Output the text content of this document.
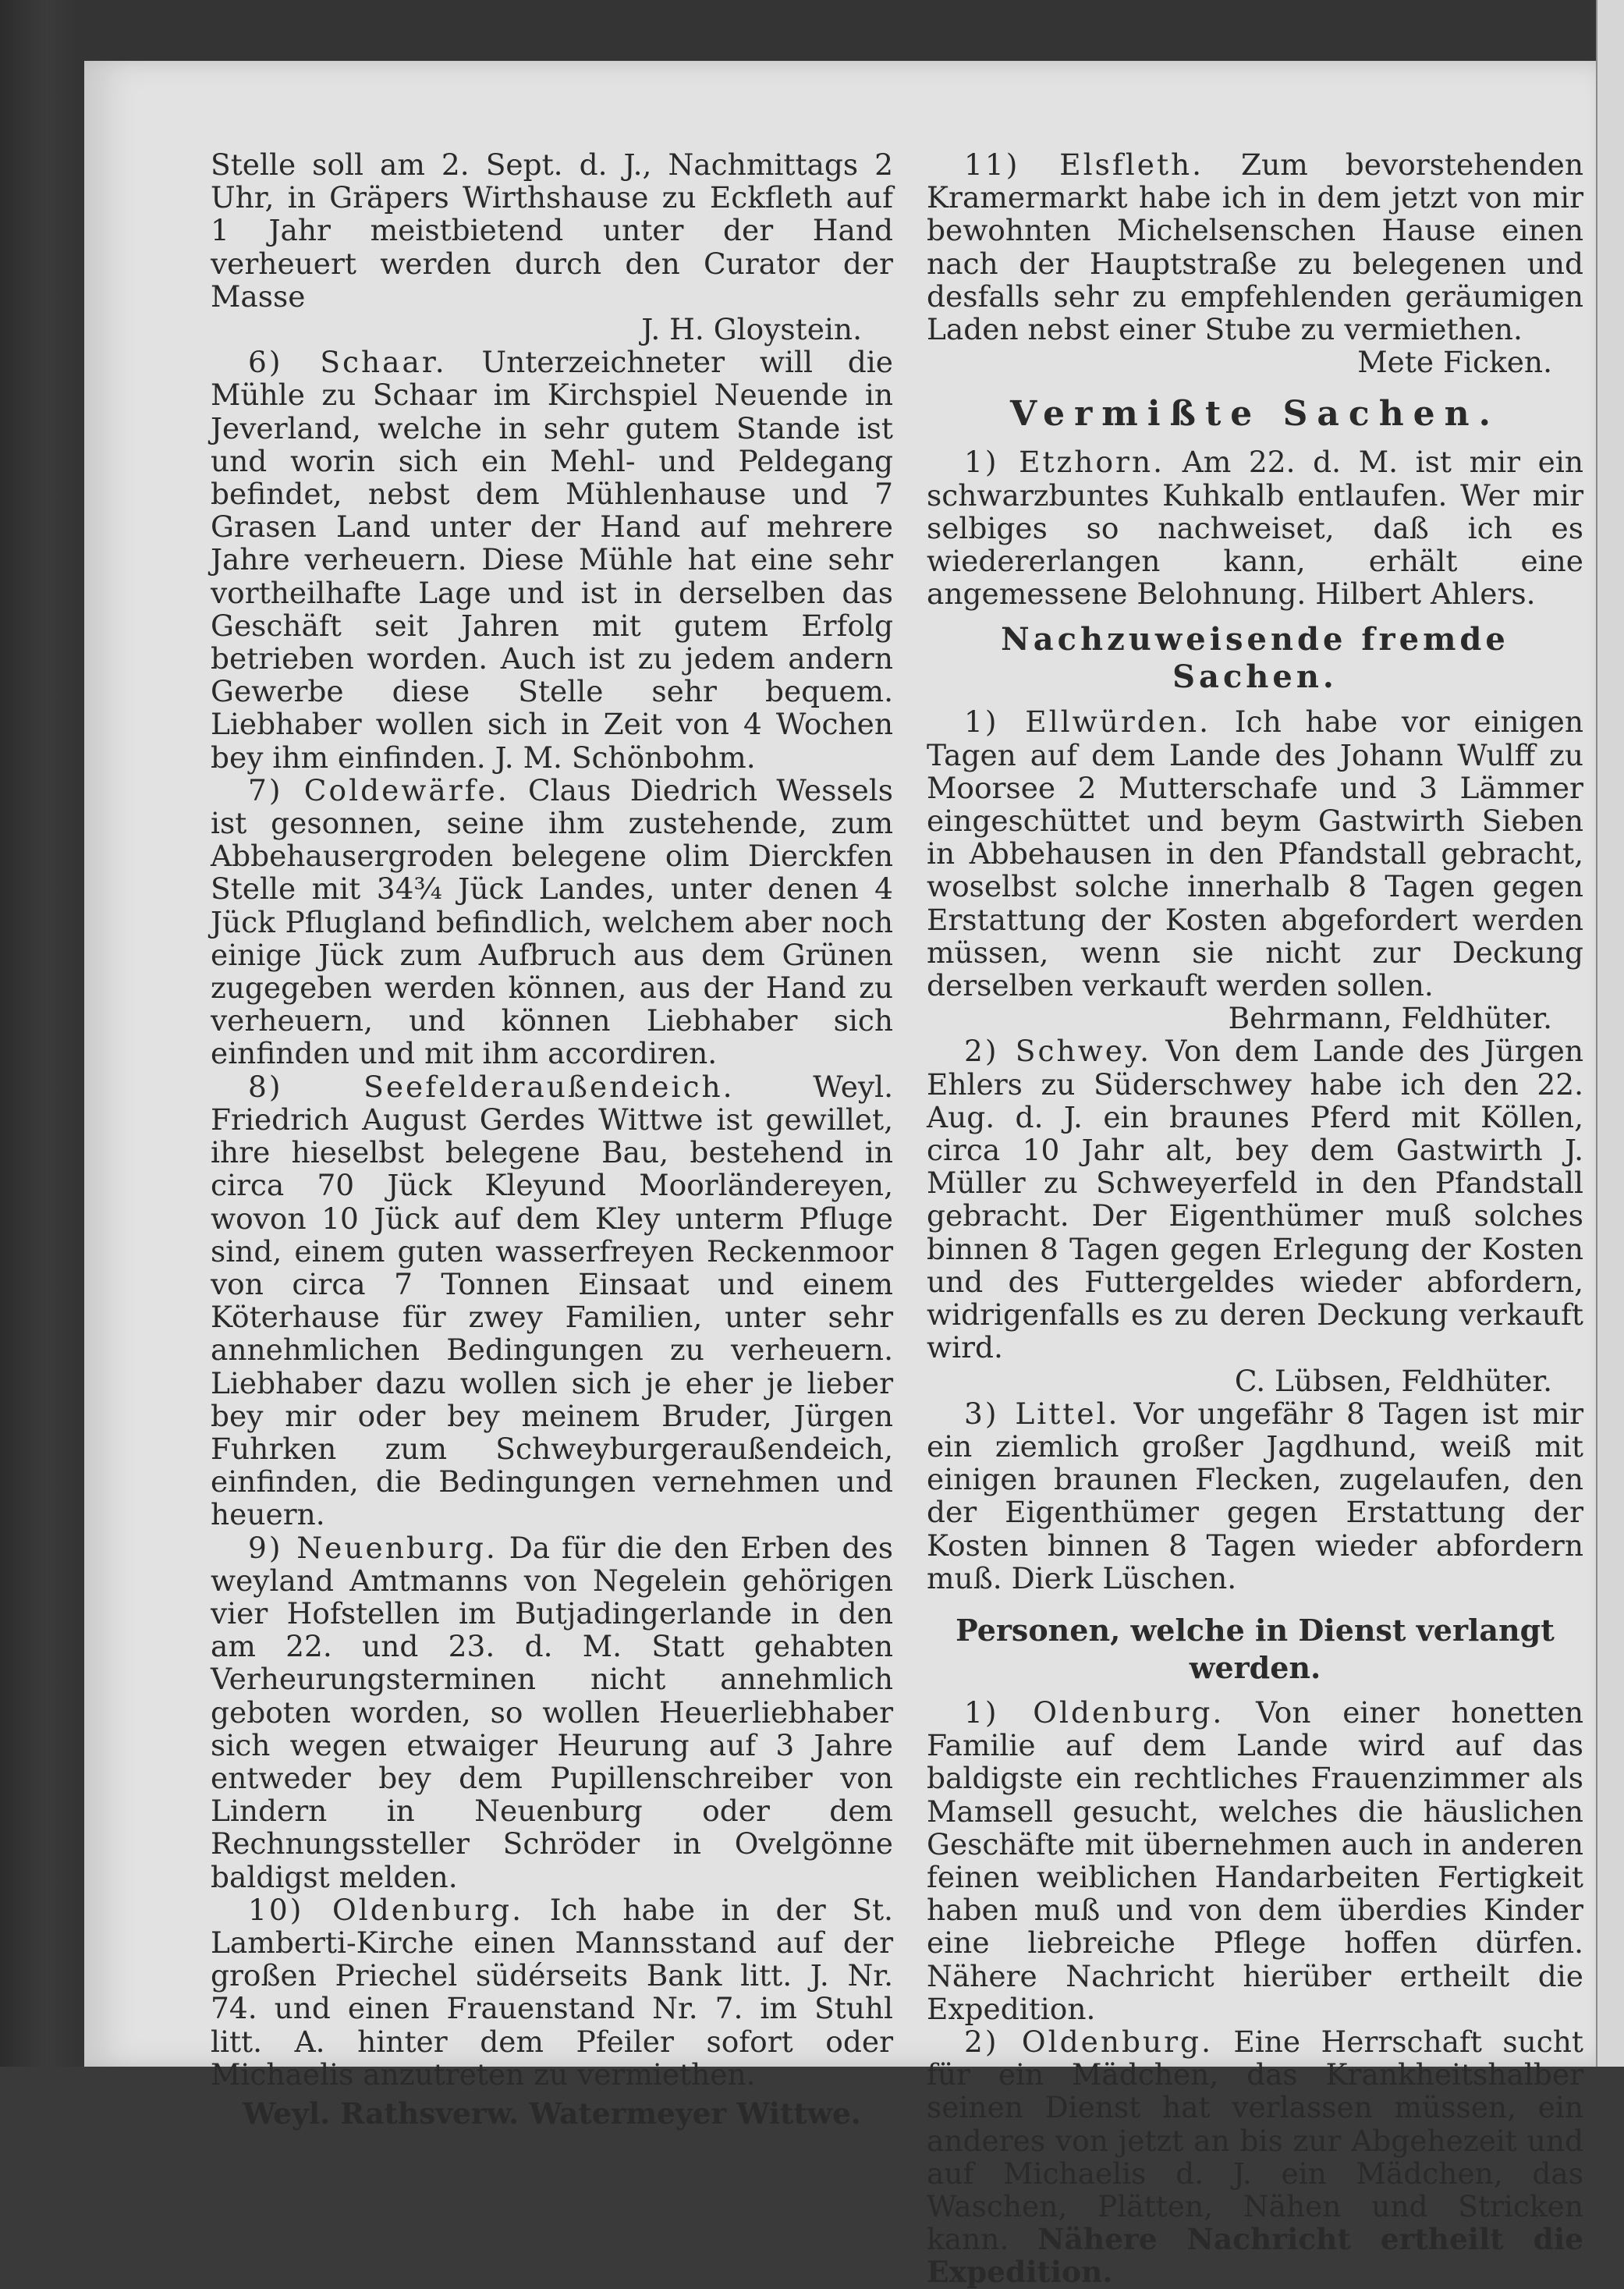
Stelle soll am 2. Sept. d. J., Nachmittags 2 Uhr, in Gräpers Wirthshause zu Eckfleth auf 1 Jahr meistbietend unter der Hand verheuert werden durch den Curator der Masse

J. H. Gloystein.

6) Schaar. Unterzeichneter will die Mühle zu Schaar im Kirchspiel Neuende in Jeverland, welche in sehr gutem Stande ist und worin sich ein Mehl- und Peldegang befindet, nebst dem Mühlenhause und 7 Grasen Land unter der Hand auf mehrere Jahre verheuern. Diese Mühle hat eine sehr vortheilhafte Lage und ist in derselben das Geschäft seit Jahren mit gutem Erfolg betrieben worden. Auch ist zu jedem andern Gewerbe diese Stelle sehr bequem. Liebhaber wollen sich in Zeit von 4 Wochen bey ihm einfinden. J. M. Schönbohm.

7) Coldewärfe. Claus Diedrich Wessels ist gesonnen, seine ihm zustehende, zum Abbehausergroden belegene olim Dierckfen Stelle mit 34¾ Jück Landes, unter denen 4 Jück Pflugland befindlich, welchem aber noch einige Jück zum Aufbruch aus dem Grünen zugegeben werden können, aus der Hand zu verheuern, und können Liebhaber sich einfinden und mit ihm accordiren.

8) Seefelderaußendeich.	Weyl. Friedrich August Gerdes Wittwe ist gewillet, ihre hieselbst belegene Bau, bestehend in circa 70 Jück Kleyund Moorländereyen, wovon 10 Jück auf dem Kley unterm Pfluge sind, einem guten wasserfreyen Reckenmoor von circa 7 Tonnen Einsaat und einem Köterhause für zwey Familien, unter sehr annehmlichen Bedingungen zu verheuern. Liebhaber dazu wollen sich je eher je lieber bey mir oder bey meinem Bruder, Jürgen Fuhrken zum Schweyburgeraußendeich, einfinden, die Bedingungen vernehmen und heuern.

9) Neuenburg. Da für die den Erben des weyland Amtmanns von Negelein gehörigen vier Hofstellen im Butjadingerlande in den am 22. und 23. d. M. Statt gehabten Verheurungsterminen nicht annehmlich geboten worden, so wollen Heuerliebhaber sich wegen etwaiger Heurung auf 3 Jahre entweder bey dem Pupillenschreiber von Lindern in Neuenburg oder dem Rechnungssteller Schröder in Ovelgönne baldigst melden.

10) Oldenburg. Ich habe in der St. Lamberti-Kirche einen Mannsstand auf der großen Priechel südérseits Bank litt. J. Nr. 74. und einen Frauenstand Nr. 7. im Stuhl litt. A. hinter dem Pfeiler sofort oder Michaelis anzutreten zu vermiethen.

Weyl. Rathsverw. Watermeyer Wittwe.

11) Elsfleth. Zum bevorstehenden Kramermarkt habe ich in dem jetzt von mir bewohnten Michelsenschen Hause einen nach der Hauptstraße zu belegenen und desfalls sehr zu empfehlenden geräumigen Laden nebst einer Stube zu vermiethen.

Mete Ficken.

Vermißte Sachen.

1) Etzhorn. Am 22. d. M. ist mir ein schwarzbuntes Kuhkalb entlaufen. Wer mir selbiges so nachweiset, daß ich es wiedererlangen kann, erhält eine angemessene Belohnung. Hilbert Ahlers.

Nachzuweisende fremde Sachen.

1) Ellwürden. Ich habe vor einigen Tagen auf dem Lande des Johann Wulff zu Moorsee 2 Mutterschafe und 3 Lämmer eingeschüttet und beym Gastwirth Sieben in Abbehausen in den Pfandstall gebracht, woselbst solche innerhalb 8 Tagen gegen Erstattung der Kosten abgefordert werden müssen, wenn sie nicht zur Deckung derselben verkauft werden sollen.

Behrmann, Feldhüter.

2) Schwey. Von dem Lande des Jürgen Ehlers zu Süderschwey habe ich den 22. Aug. d. J. ein braunes Pferd mit Köllen, circa 10 Jahr alt, bey dem Gastwirth J. Müller zu Schweyerfeld in den Pfandstall gebracht. Der Eigenthümer muß solches binnen 8 Tagen gegen Erlegung der Kosten und des Futtergeldes wieder abfordern, widrigenfalls es zu deren Deckung verkauft wird.

C. Lübsen, Feldhüter.

3) Littel. Vor ungefähr 8 Tagen ist mir ein ziemlich großer Jagdhund, weiß mit einigen braunen Flecken, zugelaufen, den der Eigenthümer gegen Erstattung der Kosten binnen 8 Tagen wieder abfordern muß. Dierk Lüschen.

Personen, welche in Dienst verlangt werden.

1) Oldenburg. Von einer honetten Familie auf dem Lande wird auf das baldigste ein rechtliches Frauenzimmer als Mamsell gesucht, welches die häuslichen Geschäfte mit übernehmen auch in anderen feinen weiblichen Handarbeiten Fertigkeit haben muß und von dem überdies Kinder eine liebreiche Pflege hoffen dürfen. Nähere Nachricht hierüber ertheilt die Expedition.

2) Oldenburg. Eine Herrschaft sucht für ein Mädchen, das Krankheitshalber seinen Dienst hat verlassen müssen, ein anderes von jetzt an bis zur Abgehezeit und auf Michaelis d. J. ein Mädchen, das Waschen, Plätten, Nähen und Stricken kann. Nähere Nachricht ertheilt die Expedition.
